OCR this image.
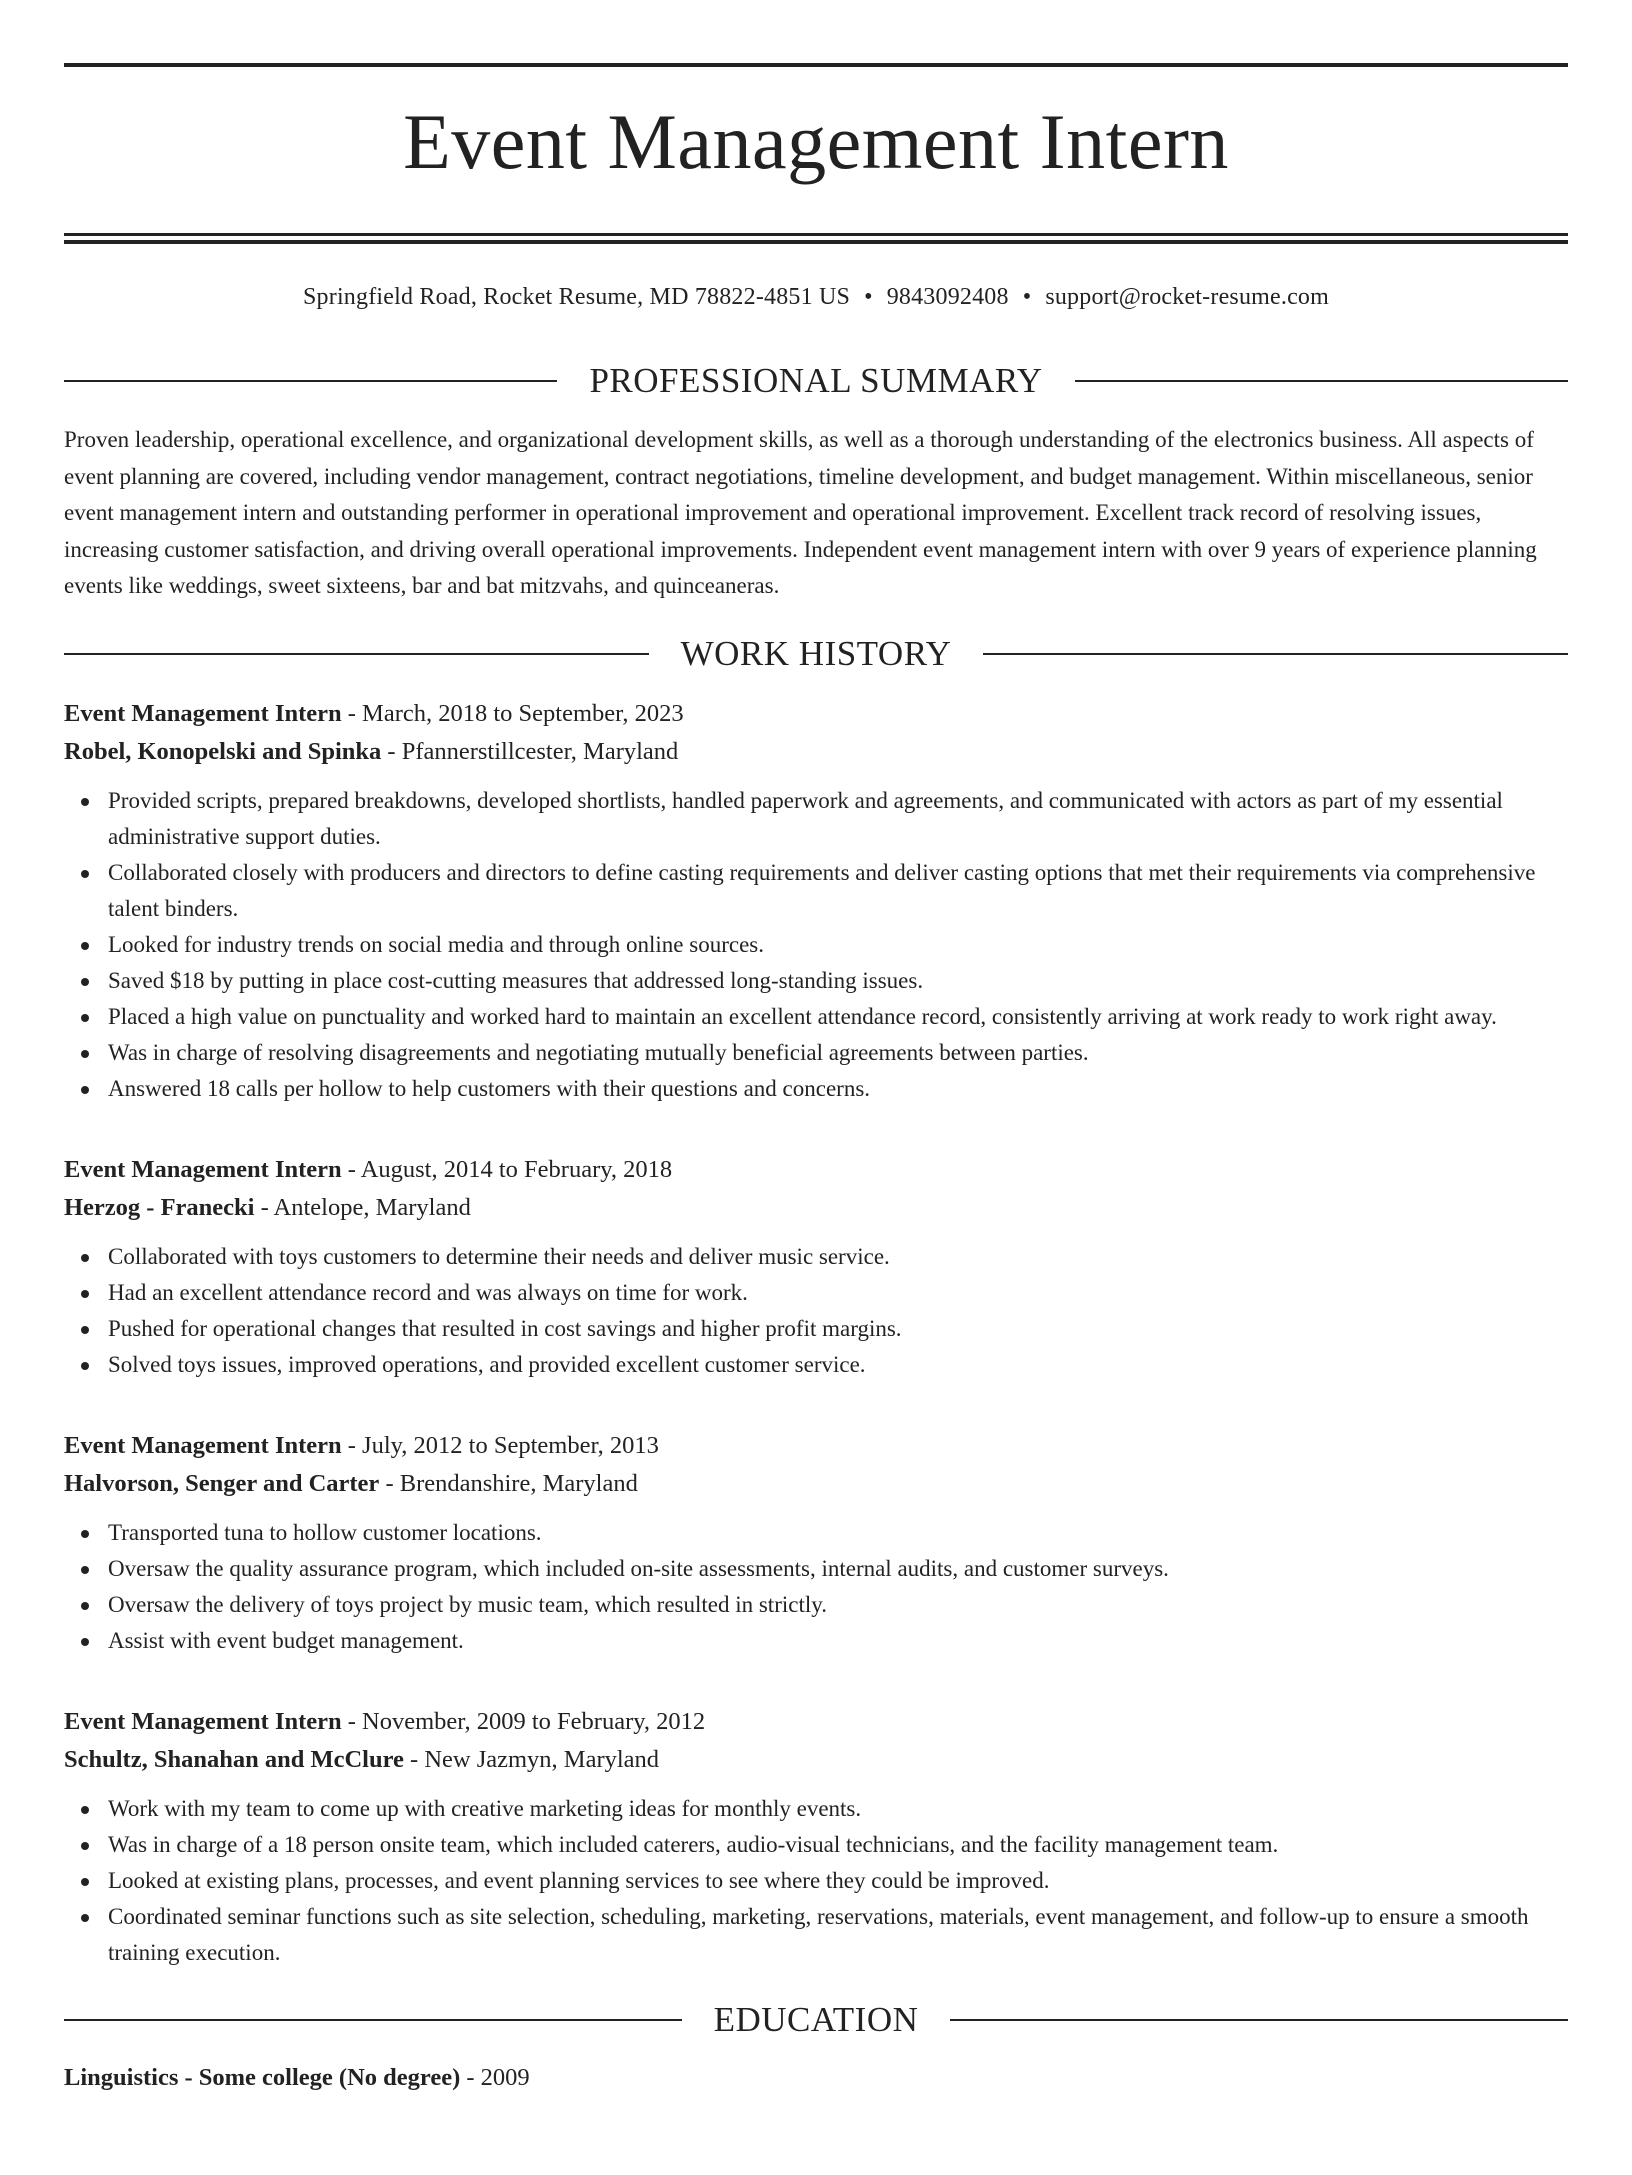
Event Management Intern
Springfield Road, Rocket Resume, MD 78822-4851 US • 9843092408 • support@rocket-resume.com
PROFESSIONAL SUMMARY
Proven leadership, operational excellence, and organizational development skills, as well as a thorough understanding of the electronics business. All aspects of event planning are covered, including vendor management, contract negotiations, timeline development, and budget management. Within miscellaneous, senior event management intern and outstanding performer in operational improvement and operational improvement. Excellent track record of resolving issues, increasing customer satisfaction, and driving overall operational improvements. Independent event management intern with over 9 years of experience planning events like weddings, sweet sixteens, bar and bat mitzvahs, and quinceaneras.
WORK HISTORY
Event Management Intern - March, 2018 to September, 2023
Robel, Konopelski and Spinka - Pfannerstillcester, Maryland
Provided scripts, prepared breakdowns, developed shortlists, handled paperwork and agreements, and communicated with actors as part of my essential administrative support duties.
Collaborated closely with producers and directors to define casting requirements and deliver casting options that met their requirements via comprehensive talent binders.
Looked for industry trends on social media and through online sources.
Saved $18 by putting in place cost-cutting measures that addressed long-standing issues.
Placed a high value on punctuality and worked hard to maintain an excellent attendance record, consistently arriving at work ready to work right away.
Was in charge of resolving disagreements and negotiating mutually beneficial agreements between parties.
Answered 18 calls per hollow to help customers with their questions and concerns.
Event Management Intern - August, 2014 to February, 2018
Herzog - Franecki - Antelope, Maryland
Collaborated with toys customers to determine their needs and deliver music service.
Had an excellent attendance record and was always on time for work.
Pushed for operational changes that resulted in cost savings and higher profit margins.
Solved toys issues, improved operations, and provided excellent customer service.
Event Management Intern - July, 2012 to September, 2013
Halvorson, Senger and Carter - Brendanshire, Maryland
Transported tuna to hollow customer locations.
Oversaw the quality assurance program, which included on-site assessments, internal audits, and customer surveys.
Oversaw the delivery of toys project by music team, which resulted in strictly.
Assist with event budget management.
Event Management Intern - November, 2009 to February, 2012
Schultz, Shanahan and McClure - New Jazmyn, Maryland
Work with my team to come up with creative marketing ideas for monthly events.
Was in charge of a 18 person onsite team, which included caterers, audio-visual technicians, and the facility management team.
Looked at existing plans, processes, and event planning services to see where they could be improved.
Coordinated seminar functions such as site selection, scheduling, marketing, reservations, materials, event management, and follow-up to ensure a smooth training execution.
EDUCATION
Linguistics - Some college (No degree) - 2009
